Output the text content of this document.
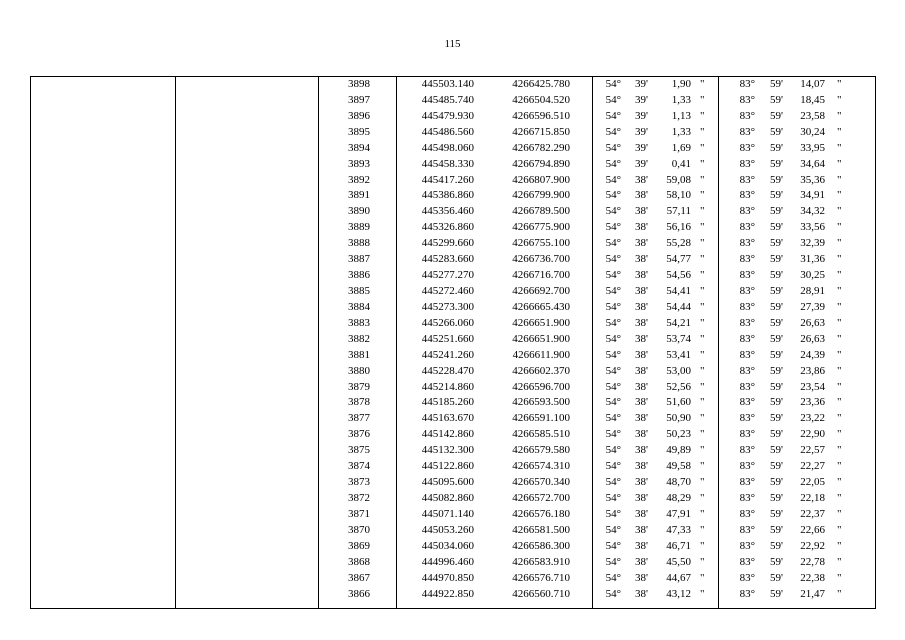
115
3898	445503.140	4266425.780	54°	39'	1,90 "	83°	59'	14,07 "
3897	445485.740	4266504.520	54°	39'	1,33 "	83°	59'	18,45 "
3896	445479.930	4266596.510	54°	39'	1,13 "	83°	59'	23,58 "
3895	445486.560	4266715.850	54°	39'	1,33 "	83°	59'	30,24 "
3894	445498.060	4266782.290	54°	39'	1,69 "	83°	59'	33,95 "
3893	445458.330	4266794.890	54°	39'	0,41 "	83°	59'	34,64 "
3892	445417.260	4266807.900	54°	38'	59,08 "	83°	59'	35,36 "
3891	445386.860	4266799.900	54°	38'	58,10 "	83°	59'	34,91 "
3890	445356.460	4266789.500	54°	38'	57,11 "	83°	59'	34,32 "
3889	445326.860	4266775.900	54°	38'	56,16 "	83°	59'	33,56 "
3888	445299.660	4266755.100	54°	38'	55,28 "	83°	59'	32,39 "
3887	445283.660	4266736.700	54°	38'	54,77 "	83°	59'	31,36 "
3886	445277.270	4266716.700	54°	38'	54,56 "	83°	59'	30,25 "
3885	445272.460	4266692.700	54°	38'	54,41 "	83°	59'	28,91 "
3884	445273.300	4266665.430	54°	38'	54,44 "	83°	59'	27,39 "
3883	445266.060	4266651.900	54°	38'	54,21 "	83°	59'	26,63 "
3882	445251.660	4266651.900	54°	38'	53,74 "	83°	59'	26,63 "
3881	445241.260	4266611.900	54°	38'	53,41 "	83°	59'	24,39 "
3880	445228.470	4266602.370	54°	38'	53,00 "	83°	59'	23,86 "
3879	445214.860	4266596.700	54°	38'	52,56 "	83°	59'	23,54 "
3878	445185.260	4266593.500	54°	38'	51,60 "	83°	59'	23,36 "
3877	445163.670	4266591.100	54°	38'	50,90 "	83°	59'	23,22 "
3876	445142.860	4266585.510	54°	38'	50,23 "	83°	59'	22,90 "
3875	445132.300	4266579.580	54°	38'	49,89 "	83°	59'	22,57 "
3874	445122.860	4266574.310	54°	38'	49,58 "	83°	59'	22,27 "
3873	445095.600	4266570.340	54°	38'	48,70 "	83°	59'	22,05 "
3872	445082.860	4266572.700	54°	38'	48,29 "	83°	59'	22,18 "
3871	445071.140	4266576.180	54°	38'	47,91 "	83°	59'	22,37 "
3870	445053.260	4266581.500	54°	38'	47,33 "	83°	59'	22,66 "
3869	445034.060	4266586.300	54°	38'	46,71 "	83°	59'	22,92 "
3868	444996.460	4266583.910	54°	38'	45,50 "	83°	59'	22,78 "
3867	444970.850	4266576.710	54°	38'	44,67 "	83°	59'	22,38 "
3866	444922.850	4266560.710	54°	38'	43,12 "	83°	59'	21,47 "
